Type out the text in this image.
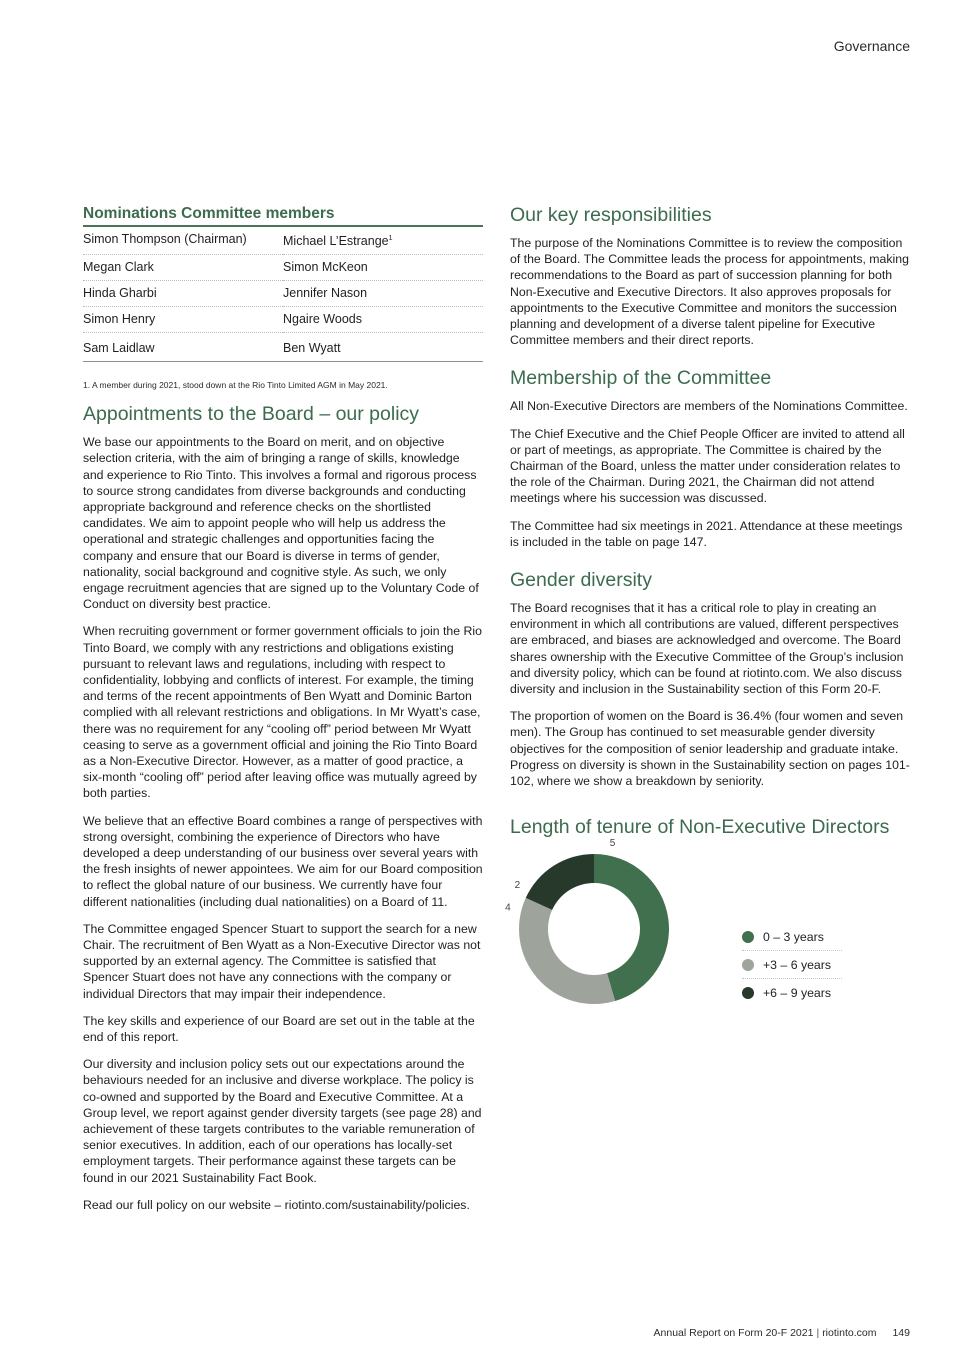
Governance
Nominations Committee members
Simon Thompson (Chairman)	Michael L’Estrange$^1$
Megan Clark	Simon McKeon
Hinda Gharbi	Jennifer Nason
Simon Henry	Ngaire Woods
Sam Laidlaw	Ben Wyatt

1. A member during 2021, stood down at the Rio Tinto Limited AGM in May 2021.

Appointments to the Board – our policy

We base our appointments to the Board on merit, and on objective selection criteria, with the aim of bringing a range of skills, knowledge and experience to Rio Tinto. This involves a formal and rigorous process to source strong candidates from diverse backgrounds and conducting appropriate background and reference checks on the shortlisted candidates. We aim to appoint people who will help us address the operational and strategic challenges and opportunities facing the company and ensure that our Board is diverse in terms of gender, nationality, social background and cognitive style. As such, we only engage recruitment agencies that are signed up to the Voluntary Code of Conduct on diversity best practice.

When recruiting government or former government officials to join the Rio Tinto Board, we comply with any restrictions and obligations existing pursuant to relevant laws and regulations, including with respect to confidentiality, lobbying and conflicts of interest. For example, the timing and terms of the recent appointments of Ben Wyatt and Dominic Barton complied with all relevant restrictions and obligations. In Mr Wyatt’s case, there was no requirement for any “cooling off” period between Mr Wyatt ceasing to serve as a government official and joining the Rio Tinto Board as a Non-Executive Director. However, as a matter of good practice, a six-month “cooling off” period after leaving office was mutually agreed by both parties.

We believe that an effective Board combines a range of perspectives with strong oversight, combining the experience of Directors who have developed a deep understanding of our business over several years with the fresh insights of newer appointees. We aim for our Board composition to reflect the global nature of our business. We currently have four different nationalities (including dual nationalities) on a Board of 11.

The Committee engaged Spencer Stuart to support the search for a new Chair. The recruitment of Ben Wyatt as a Non-Executive Director was not supported by an external agency. The Committee is satisfied that Spencer Stuart does not have any connections with the company or individual Directors that may impair their independence.

The key skills and experience of our Board are set out in the table at the end of this report.

Our diversity and inclusion policy sets out our expectations around the behaviours needed for an inclusive and diverse workplace. The policy is co-owned and supported by the Board and Executive Committee. At a Group level, we report against gender diversity targets (see page 28) and achievement of these targets contributes to the variable remuneration of senior executives. In addition, each of our operations has locally-set employment targets. Their performance against these targets can be found in our 2021 Sustainability Fact Book.

Read our full policy on our website – riotinto.com/sustainability/policies.

Our key responsibilities

The purpose of the Nominations Committee is to review the composition of the Board. The Committee leads the process for appointments, making recommendations to the Board as part of succession planning for both Non-Executive and Executive Directors. It also approves proposals for appointments to the Executive Committee and monitors the succession planning and development of a diverse talent pipeline for Executive Committee members and their direct reports.

Membership of the Committee

All Non-Executive Directors are members of the Nominations Committee.

The Chief Executive and the Chief People Officer are invited to attend all or part of meetings, as appropriate. The Committee is chaired by the Chairman of the Board, unless the matter under consideration relates to the role of the Chairman. During 2021, the Chairman did not attend meetings where his succession was discussed.

The Committee had six meetings in 2021. Attendance at these meetings is included in the table on page 147.

Gender diversity

The Board recognises that it has a critical role to play in creating an environment in which all contributions are valued, different perspectives are embraced, and biases are acknowledged and overcome. The Board shares ownership with the Executive Committee of the Group’s inclusion and diversity policy, which can be found at riotinto.com. We also discuss diversity and inclusion in the Sustainability section of this Form 20-F.

The proportion of women on the Board is 36.4% (four women and seven men). The Group has continued to set measurable gender diversity objectives for the composition of senior leadership and graduate intake. Progress on diversity is shown in the Sustainability section on pages 101-102, where we show a breakdown by seniority.

Length of tenure of Non-Executive Directors
5
4
2
0 – 3 years
+3 – 6 years
+6 – 9 years
Annual Report on Form 20-F 2021 | riotinto.com 149
